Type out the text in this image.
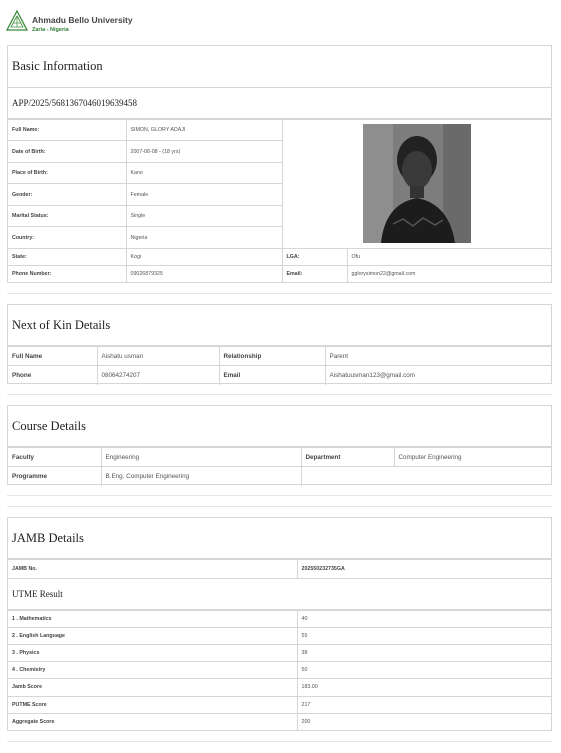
Ahmadu Bello University
Zaria - Nigeria
Basic Information
APP/2025/5681367046019639458
Full Name:	SIMON, GLORY ADAJI	
Date of Birth:	2007-08-08 - (18 yrs)		
Place of Birth:	Kano		
Gender:	Female		
Marital Status:	Single		
Country:	Nigeria		
State:	Kogi	LGA:	Ofu
Phone Number:	09026879325	Email:	gglorysimon22@gmail.com
Next of Kin Details
Full Name	Aishatu usman	Relationship	Parent
Phone	08064274207	Email	Aishatuusman123@gmail.com
Course Details
Faculty	Engineering	Department	Computer Engineering
Programme	B.Eng. Computer Engineering		
JAMB Details
JAMB No.	202550232735GA
UTME Result
1 . Mathematics	40
2 . English Language	55
3 . Physics	38
4 . Chemistry	50
Jamb Score	183.00
PUTME Score	217
Aggregate Score	200
